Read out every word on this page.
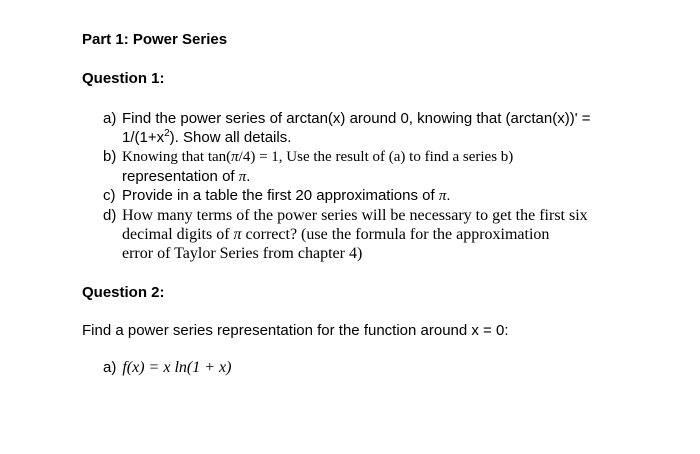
Part 1: Power Series
Question 1:
a) Find the power series of arctan(x) around 0, knowing that (arctan(x))' =
$1/(1+x^2)$. Show all details.
b) Knowing that tan(π/4) = 1, Use the result of (a) to find a series b)
representation of π.
c) Provide in a table the first 20 approximations of π.
d) How many terms of the power series will be necessary to get the first six
decimal digits of π correct? (use the formula for the approximation
error of Taylor Series from chapter 4)
Question 2:
Find a power series representation for the function around x = 0:
a) f(x) = x ln(1 + x)
